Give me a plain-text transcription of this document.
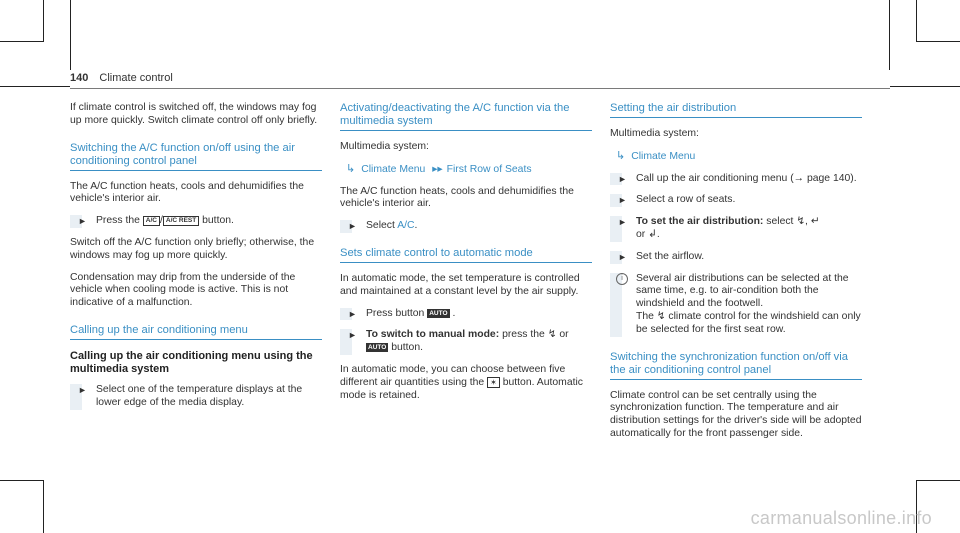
140 Climate control

If climate control is switched off, the windows may fog up more quickly. Switch climate control off only briefly.

Switching the A/C function on/off using the air conditioning control panel

The A/C function heats, cools and dehumidifies the vehicle's interior air.

► Press the A/C / A/C REST button.

Switch off the A/C function only briefly; otherwise, the windows may fog up more quickly.

Condensation may drip from the underside of the vehicle when cooling mode is active. This is not indicative of a malfunction.

Calling up the air conditioning menu
Calling up the air conditioning menu using the multimedia system
► Select one of the temperature displays at the lower edge of the media display.
Activating/deactivating the A/C function via the multimedia system

Multimedia system:

↳ Climate Menu ▸▸ First Row of Seats

The A/C function heats, cools and dehumidifies the vehicle's interior air.

► Select A/C.
Sets climate control to automatic mode

In automatic mode, the set temperature is controlled and maintained at a constant level by the air supply.

► Press button AUTO .
► To switch to manual mode: press the ↯ or
AUTO button.

In automatic mode, you can choose between five different air quantities using the ✶ button. Automatic mode is retained.

Setting the air distribution

Multimedia system:

↳ Climate Menu

► Call up the air conditioning menu (→ page 140).
► Select a row of seats.
► To set the air distribution: select ↯, ↵
or ↲.
► Set the airflow.
i	Several air distributions can be selected at the same time, e.g. to air-condition both the windshield and the footwell.
The ↯ climate control for the windshield can only be selected for the first seat row.
Switching the synchronization function on/off via the air conditioning control panel

Climate control can be set centrally using the synchronization function. The temperature and air distribution settings for the driver's side will be adopted automatically for the front passenger side.

carmanualsonline.info
